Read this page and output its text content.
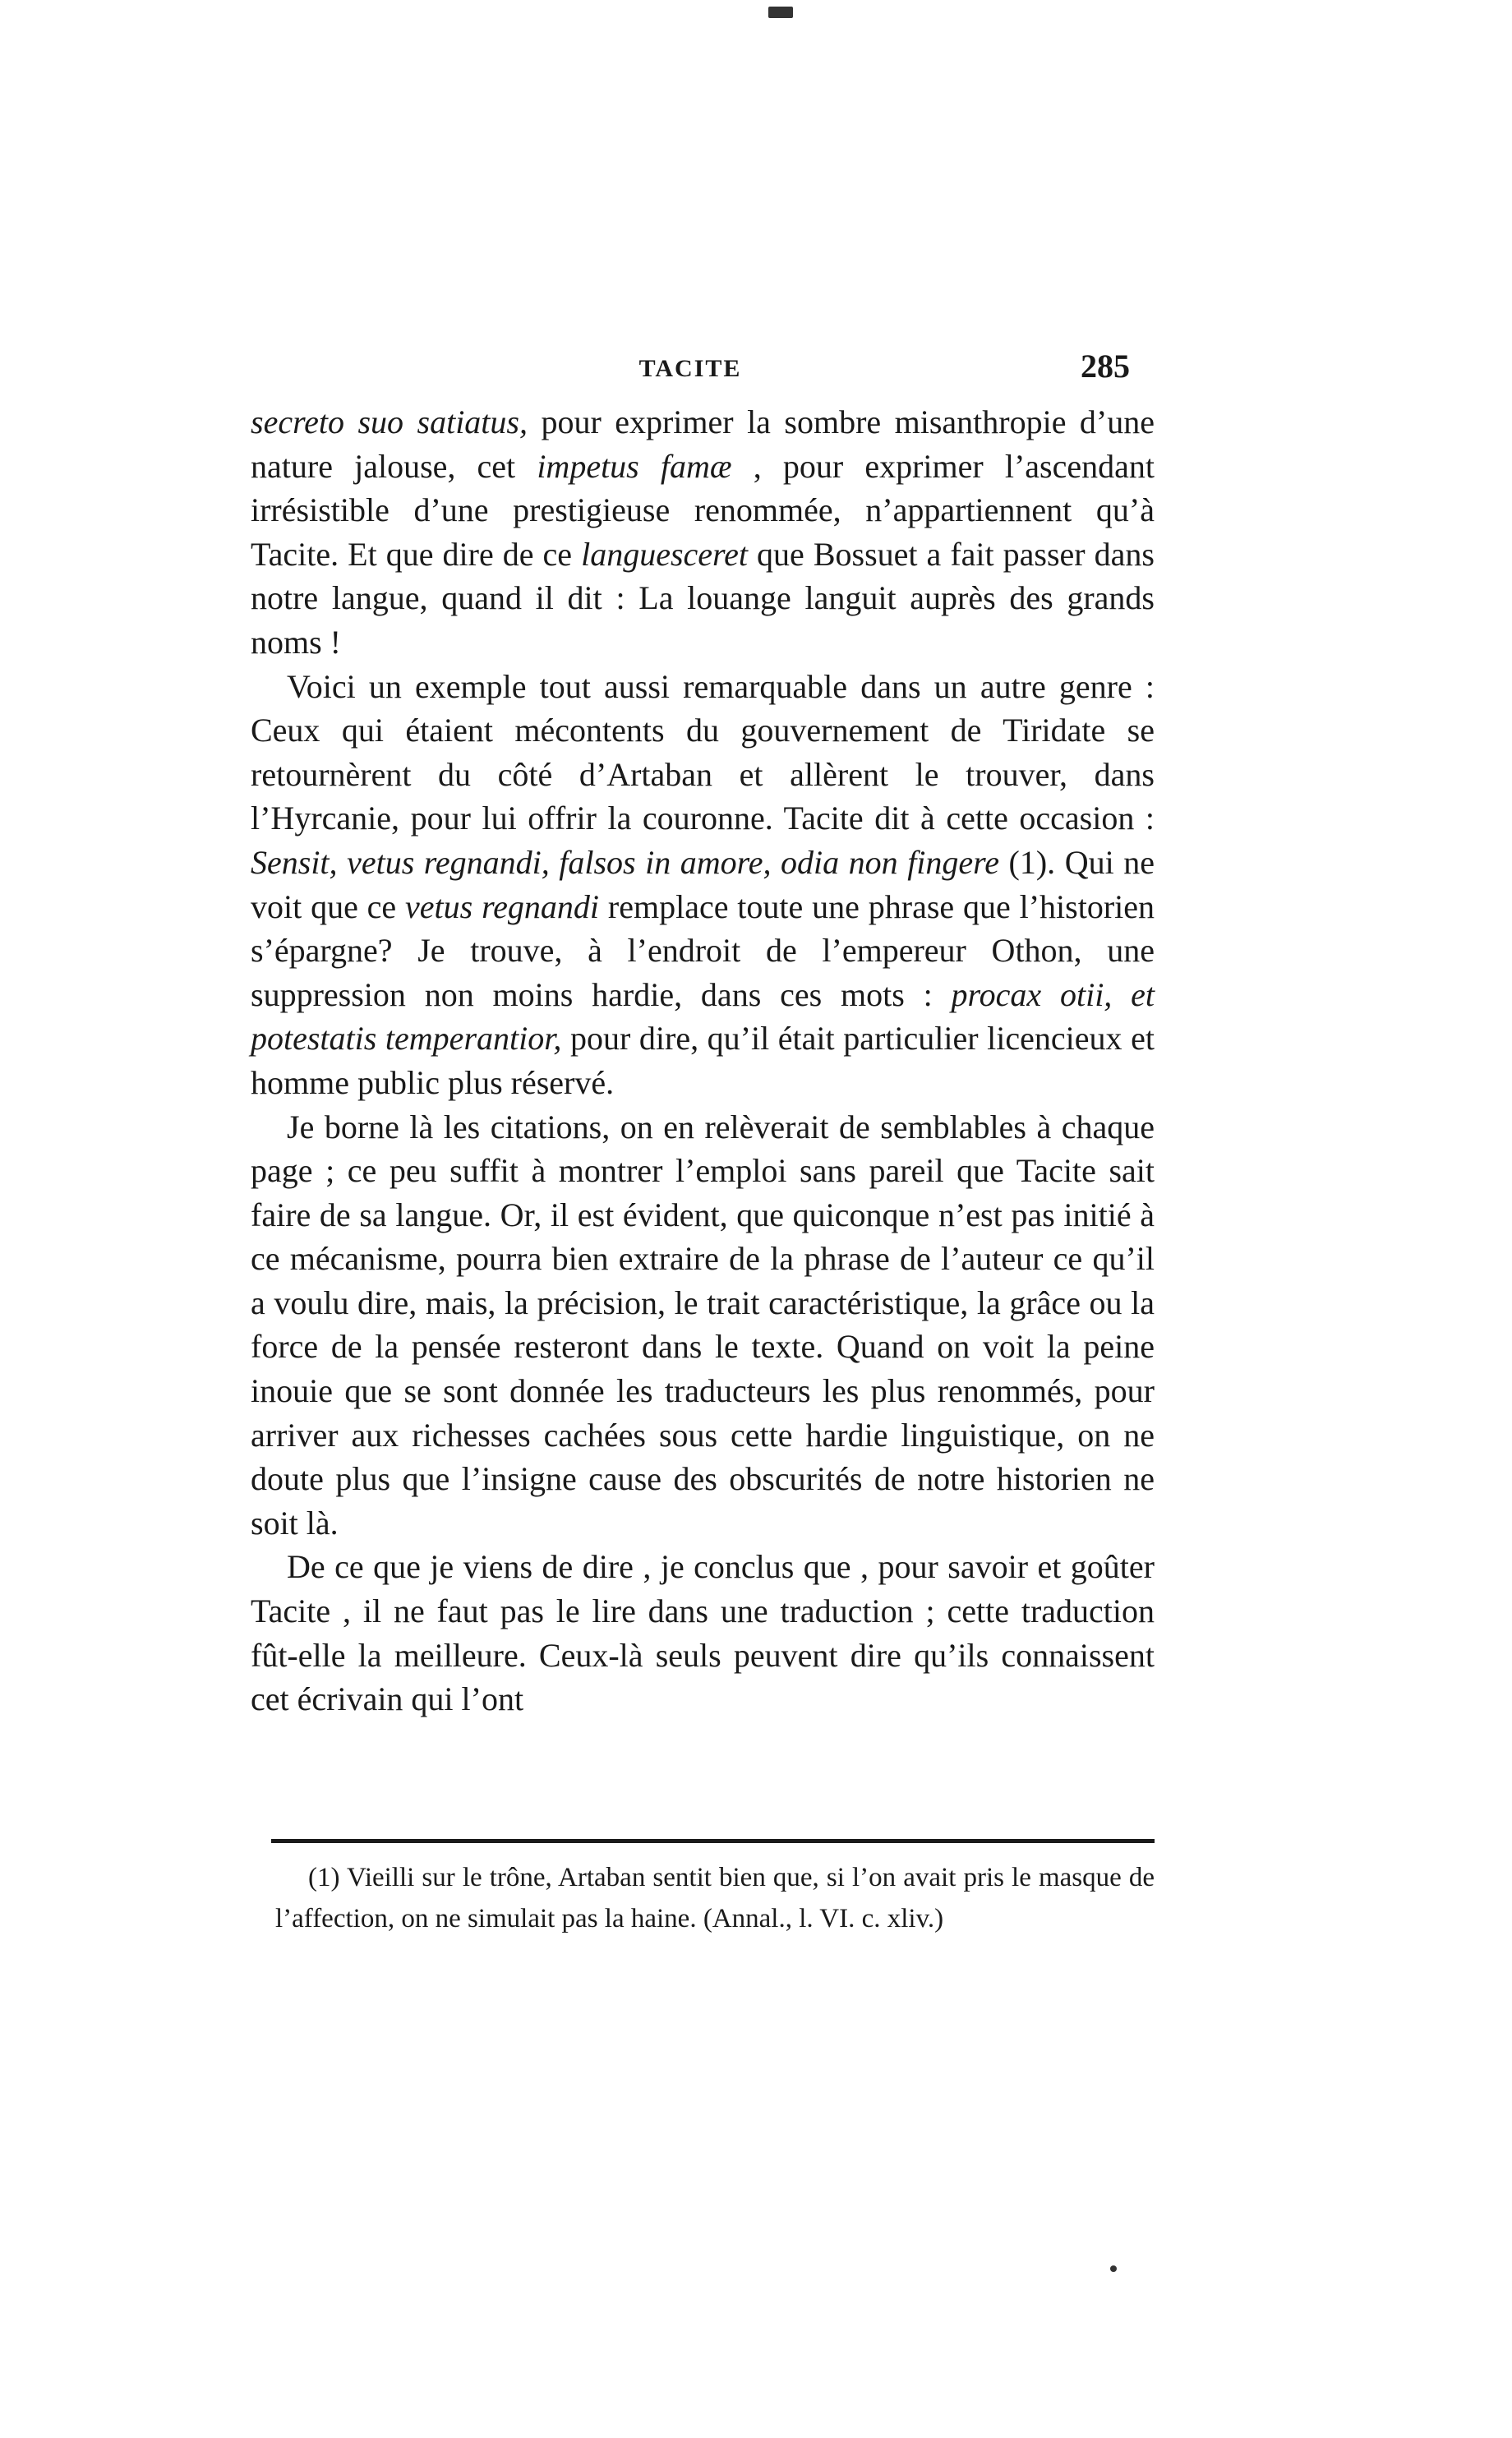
TACITE	285

secreto suo satiatus, pour exprimer la sombre misanthropie d’une nature jalouse, cet impetus famæ , pour exprimer l’ascendant irrésistible d’une prestigieuse renommée, n’appartiennent qu’à Tacite. Et que dire de ce languesceret que Bossuet a fait passer dans notre langue, quand il dit : La louange languit auprès des grands noms !

Voici un exemple tout aussi remarquable dans un autre genre : Ceux qui étaient mécontents du gouvernement de Tiridate se retournèrent du côté d’Artaban et allèrent le trouver, dans l’Hyrcanie, pour lui offrir la couronne. Tacite dit à cette occasion : Sensit, vetus regnandi, falsos in amore, odia non fingere (1). Qui ne voit que ce vetus regnandi remplace toute une phrase que l’historien s’épargne? Je trouve, à l’endroit de l’empereur Othon, une suppression non moins hardie, dans ces mots : procax otii, et potestatis temperantior, pour dire, qu’il était particulier licencieux et homme public plus réservé.

Je borne là les citations, on en relèverait de semblables à chaque page ; ce peu suffit à montrer l’emploi sans pareil que Tacite sait faire de sa langue. Or, il est évident, que quiconque n’est pas initié à ce mécanisme, pourra bien extraire de la phrase de l’auteur ce qu’il a voulu dire, mais, la précision, le trait caractéristique, la grâce ou la force de la pensée resteront dans le texte. Quand on voit la peine inouie que se sont donnée les traducteurs les plus renommés, pour arriver aux richesses cachées sous cette hardie linguistique, on ne doute plus que l’insigne cause des obscurités de notre historien ne soit là.

De ce que je viens de dire , je conclus que , pour savoir et goûter Tacite , il ne faut pas le lire dans une traduction ; cette traduction fût-elle la meilleure. Ceux-là seuls peuvent dire qu’ils connaissent cet écrivain qui l’ont

(1) Vieilli sur le trône, Artaban sentit bien que, si l’on avait pris le masque de l’affection, on ne simulait pas la haine. (Annal., l. VI. c. xliv.)
